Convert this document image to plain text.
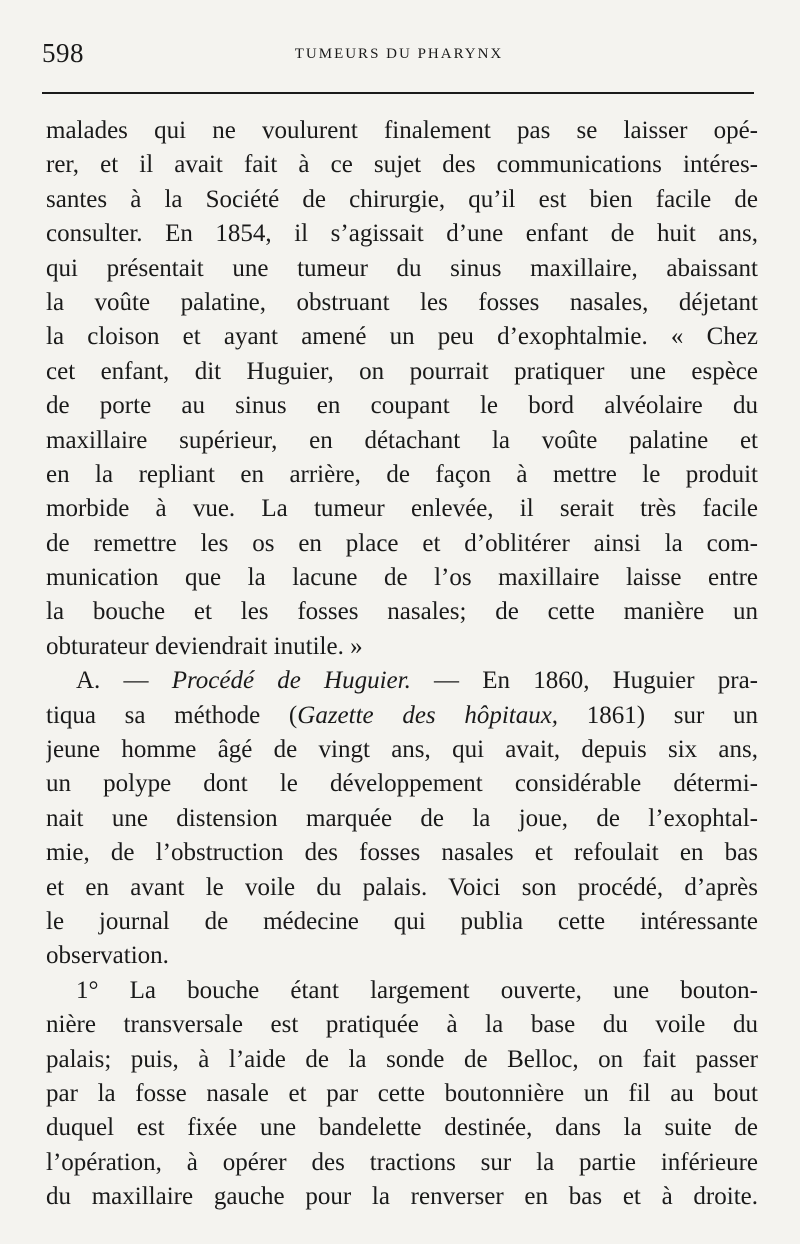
598	TUMEURS DU PHARYNX
malades qui ne voulurent finalement pas se laisser opé-
rer, et il avait fait à ce sujet des communications intéres-
santes à la Société de chirurgie, qu’il est bien facile de
consulter. En 1854, il s’agissait d’une enfant de huit ans,
qui présentait une tumeur du sinus maxillaire, abaissant
la voûte palatine, obstruant les fosses nasales, déjetant
la cloison et ayant amené un peu d’exophtalmie. « Chez
cet enfant, dit Huguier, on pourrait pratiquer une espèce
de porte au sinus en coupant le bord alvéolaire du
maxillaire supérieur, en détachant la voûte palatine et
en la repliant en arrière, de façon à mettre le produit
morbide à vue. La tumeur enlevée, il serait très facile
de remettre les os en place et d’oblitérer ainsi la com-
munication que la lacune de l’os maxillaire laisse entre
la bouche et les fosses nasales; de cette manière un
obturateur deviendrait inutile. »
A. — Procédé de Huguier. — En 1860, Huguier pra-
tiqua sa méthode (Gazette des hôpitaux, 1861) sur un
jeune homme âgé de vingt ans, qui avait, depuis six ans,
un polype dont le développement considérable détermi-
nait une distension marquée de la joue, de l’exophtal-
mie, de l’obstruction des fosses nasales et refoulait en bas
et en avant le voile du palais. Voici son procédé, d’après
le journal de médecine qui publia cette intéressante
observation.
1° La bouche étant largement ouverte, une bouton-
nière transversale est pratiquée à la base du voile du
palais; puis, à l’aide de la sonde de Belloc, on fait passer
par la fosse nasale et par cette boutonnière un fil au bout
duquel est fixée une bandelette destinée, dans la suite de
l’opération, à opérer des tractions sur la partie inférieure
du maxillaire gauche pour la renverser en bas et à droite.
